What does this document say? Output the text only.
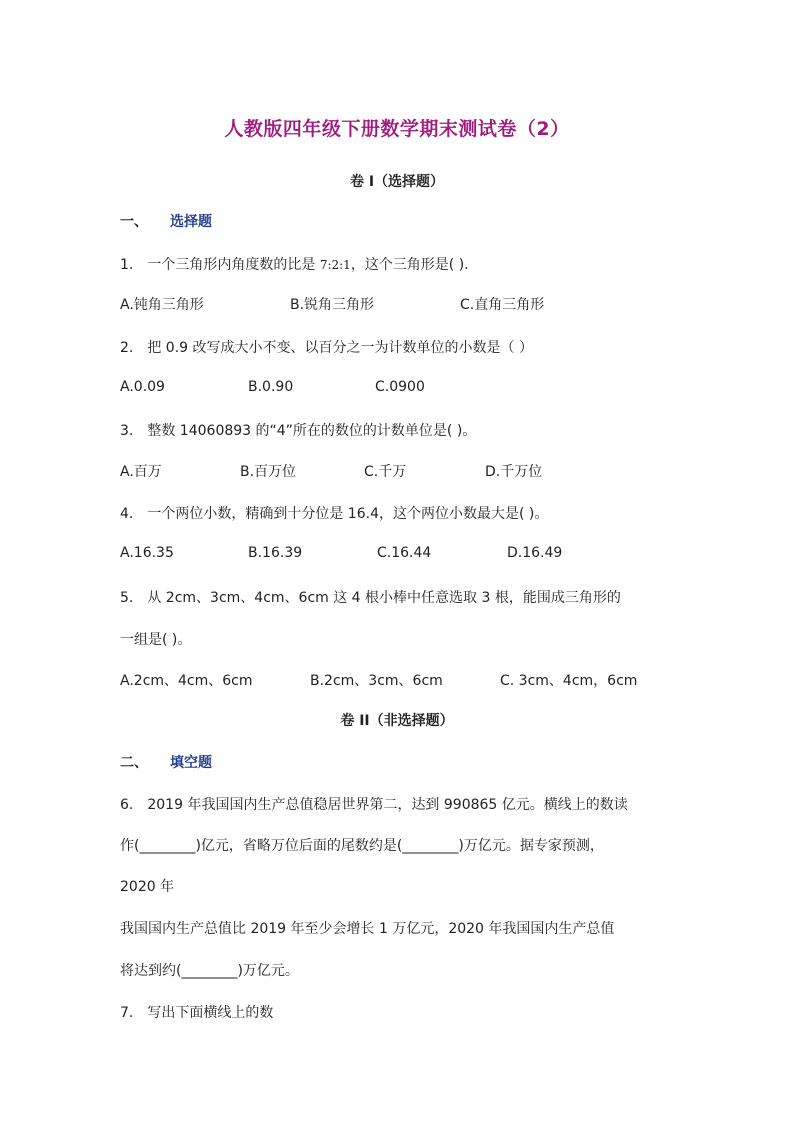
人教版四年级下册数学期末测试卷（2）
卷 I（选择题）
一、 选择题
1. 一个三角形内角度数的比是 7:2:1，这个三角形是( ).
A.钝角三角形	B.锐角三角形	C.直角三角形
2. 把 0.9 改写成大小不变、以百分之一为计数单位的小数是（ ）
A.0.09	B.0.90	C.0900
3. 整数 14060893 的“4”所在的数位的计数单位是( )。
A.百万	B.百万位	C.千万	D.千万位
4. 一个两位小数，精确到十分位是 16.4，这个两位小数最大是( )。
A.16.35	B.16.39	C.16.44	D.16.49
5. 从 2cm、3cm、4cm、6cm 这 4 根小棒中任意选取 3 根，能围成三角形的
一组是( )。
A.2cm、4cm、6cm	B.2cm、3cm、6cm	C. 3cm、4cm，6cm
卷 II（非选择题）
二、 填空题
6. 2019 年我国国内生产总值稳居世界第二，达到 990865 亿元。横线上的数读
作(________)亿元，省略万位后面的尾数约是(________)万亿元。据专家预测，
2020 年
我国国内生产总值比 2019 年至少会增长 1 万亿元，2020 年我国国内生产总值
将达到约(________)万亿元。
7. 写出下面横线上的数
